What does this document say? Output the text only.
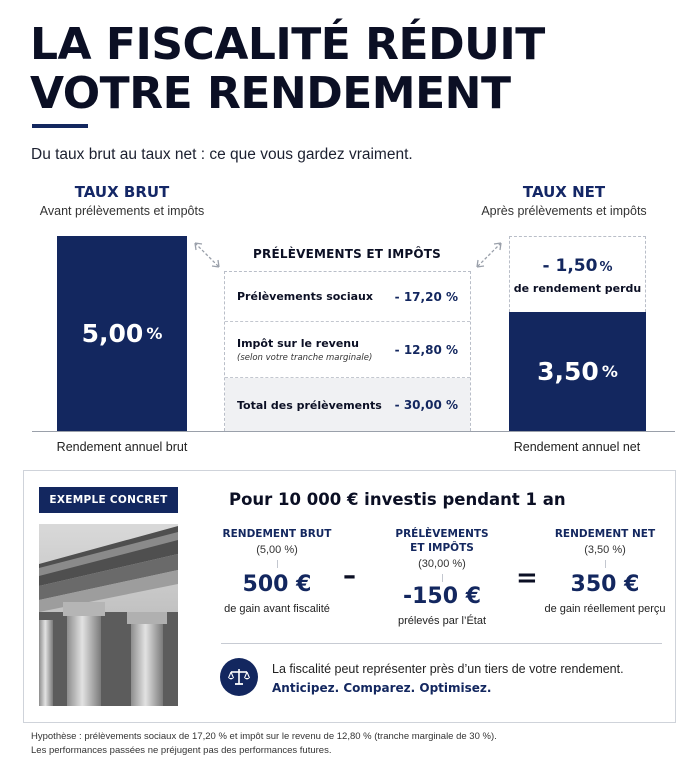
LA FISCALITÉ RÉDUIT
VOTRE RENDEMENT
Du taux brut au taux net : ce que vous gardez vraiment.
TAUX BRUT
Avant prélèvements et impôts
5,00 %
Rendement annuel brut
PRÉLÈVEMENTS ET IMPÔTS
Prélèvements sociaux - 17,20 %
Impôt sur le revenu
(selon votre tranche marginale)
- 12,80 %
Total des prélèvements - 30,00 %
TAUX NET
Après prélèvements et impôts
- 1,50 %
de rendement perdu
3,50 %
Rendement annuel net
EXEMPLE CONCRET	Pour 10 000 € investis pendant 1 an
RENDEMENT BRUT
(5,00 %)
500 €
de gain avant fiscalité
–
PRÉLÈVEMENTS
ET IMPÔTS
(30,00 %)
-150 €
prélevés par l’État
=
RENDEMENT NET
(3,50 %)
350 €
de gain réellement perçu
La fiscalité peut représenter près d’un tiers de votre rendement.
Anticipez. Comparez. Optimisez.
Hypothèse : prélèvements sociaux de 17,20 % et impôt sur le revenu de 12,80 % (tranche marginale de 30 %).
Les performances passées ne préjugent pas des performances futures.
